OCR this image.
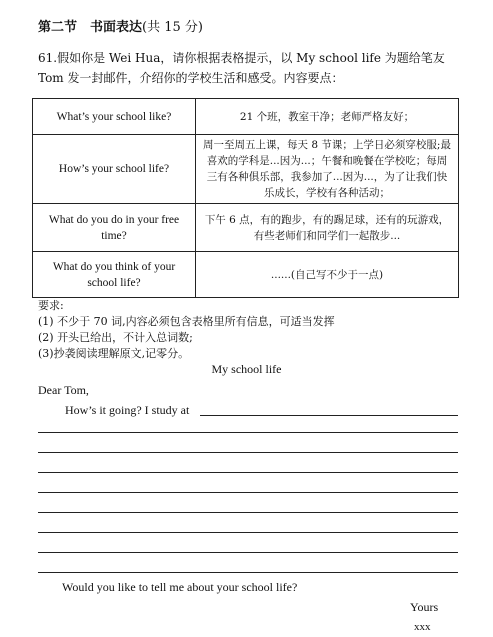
第二节　书面表达(共 15 分)
61.假如你是 Wei Hua，请你根据表格提示，以 My school life 为题给笔友 Tom 发一封邮件，介绍你的学校生活和感受。内容要点：
What’s your school like?	21 个班，教室干净；老师严格友好；
How’s your school life?	周一至周五上课，每天 8 节课；上学日必须穿校服;最喜欢的学科是...因为...；午餐和晚餐在学校吃；每周三有各种俱乐部，我参加了...因为...，为了让我们快乐成长，学校有各种活动；
What do you do in your free time?	下午 6 点，有的跑步，有的踢足球，还有的玩游戏，有些老师们和同学们一起散步...
What do you think of your school life?	......(自己写不少于一点)
要求:
(1) 不少于 70 词,内容必须包含表格里所有信息，可适当发挥
(2) 开头已给出，不计入总词数;
(3)抄袭阅读理解原文,记零分。
My school life
Dear Tom,
How’s it going? I study at
Would you like to tell me about your school life?
Yours
xxx
